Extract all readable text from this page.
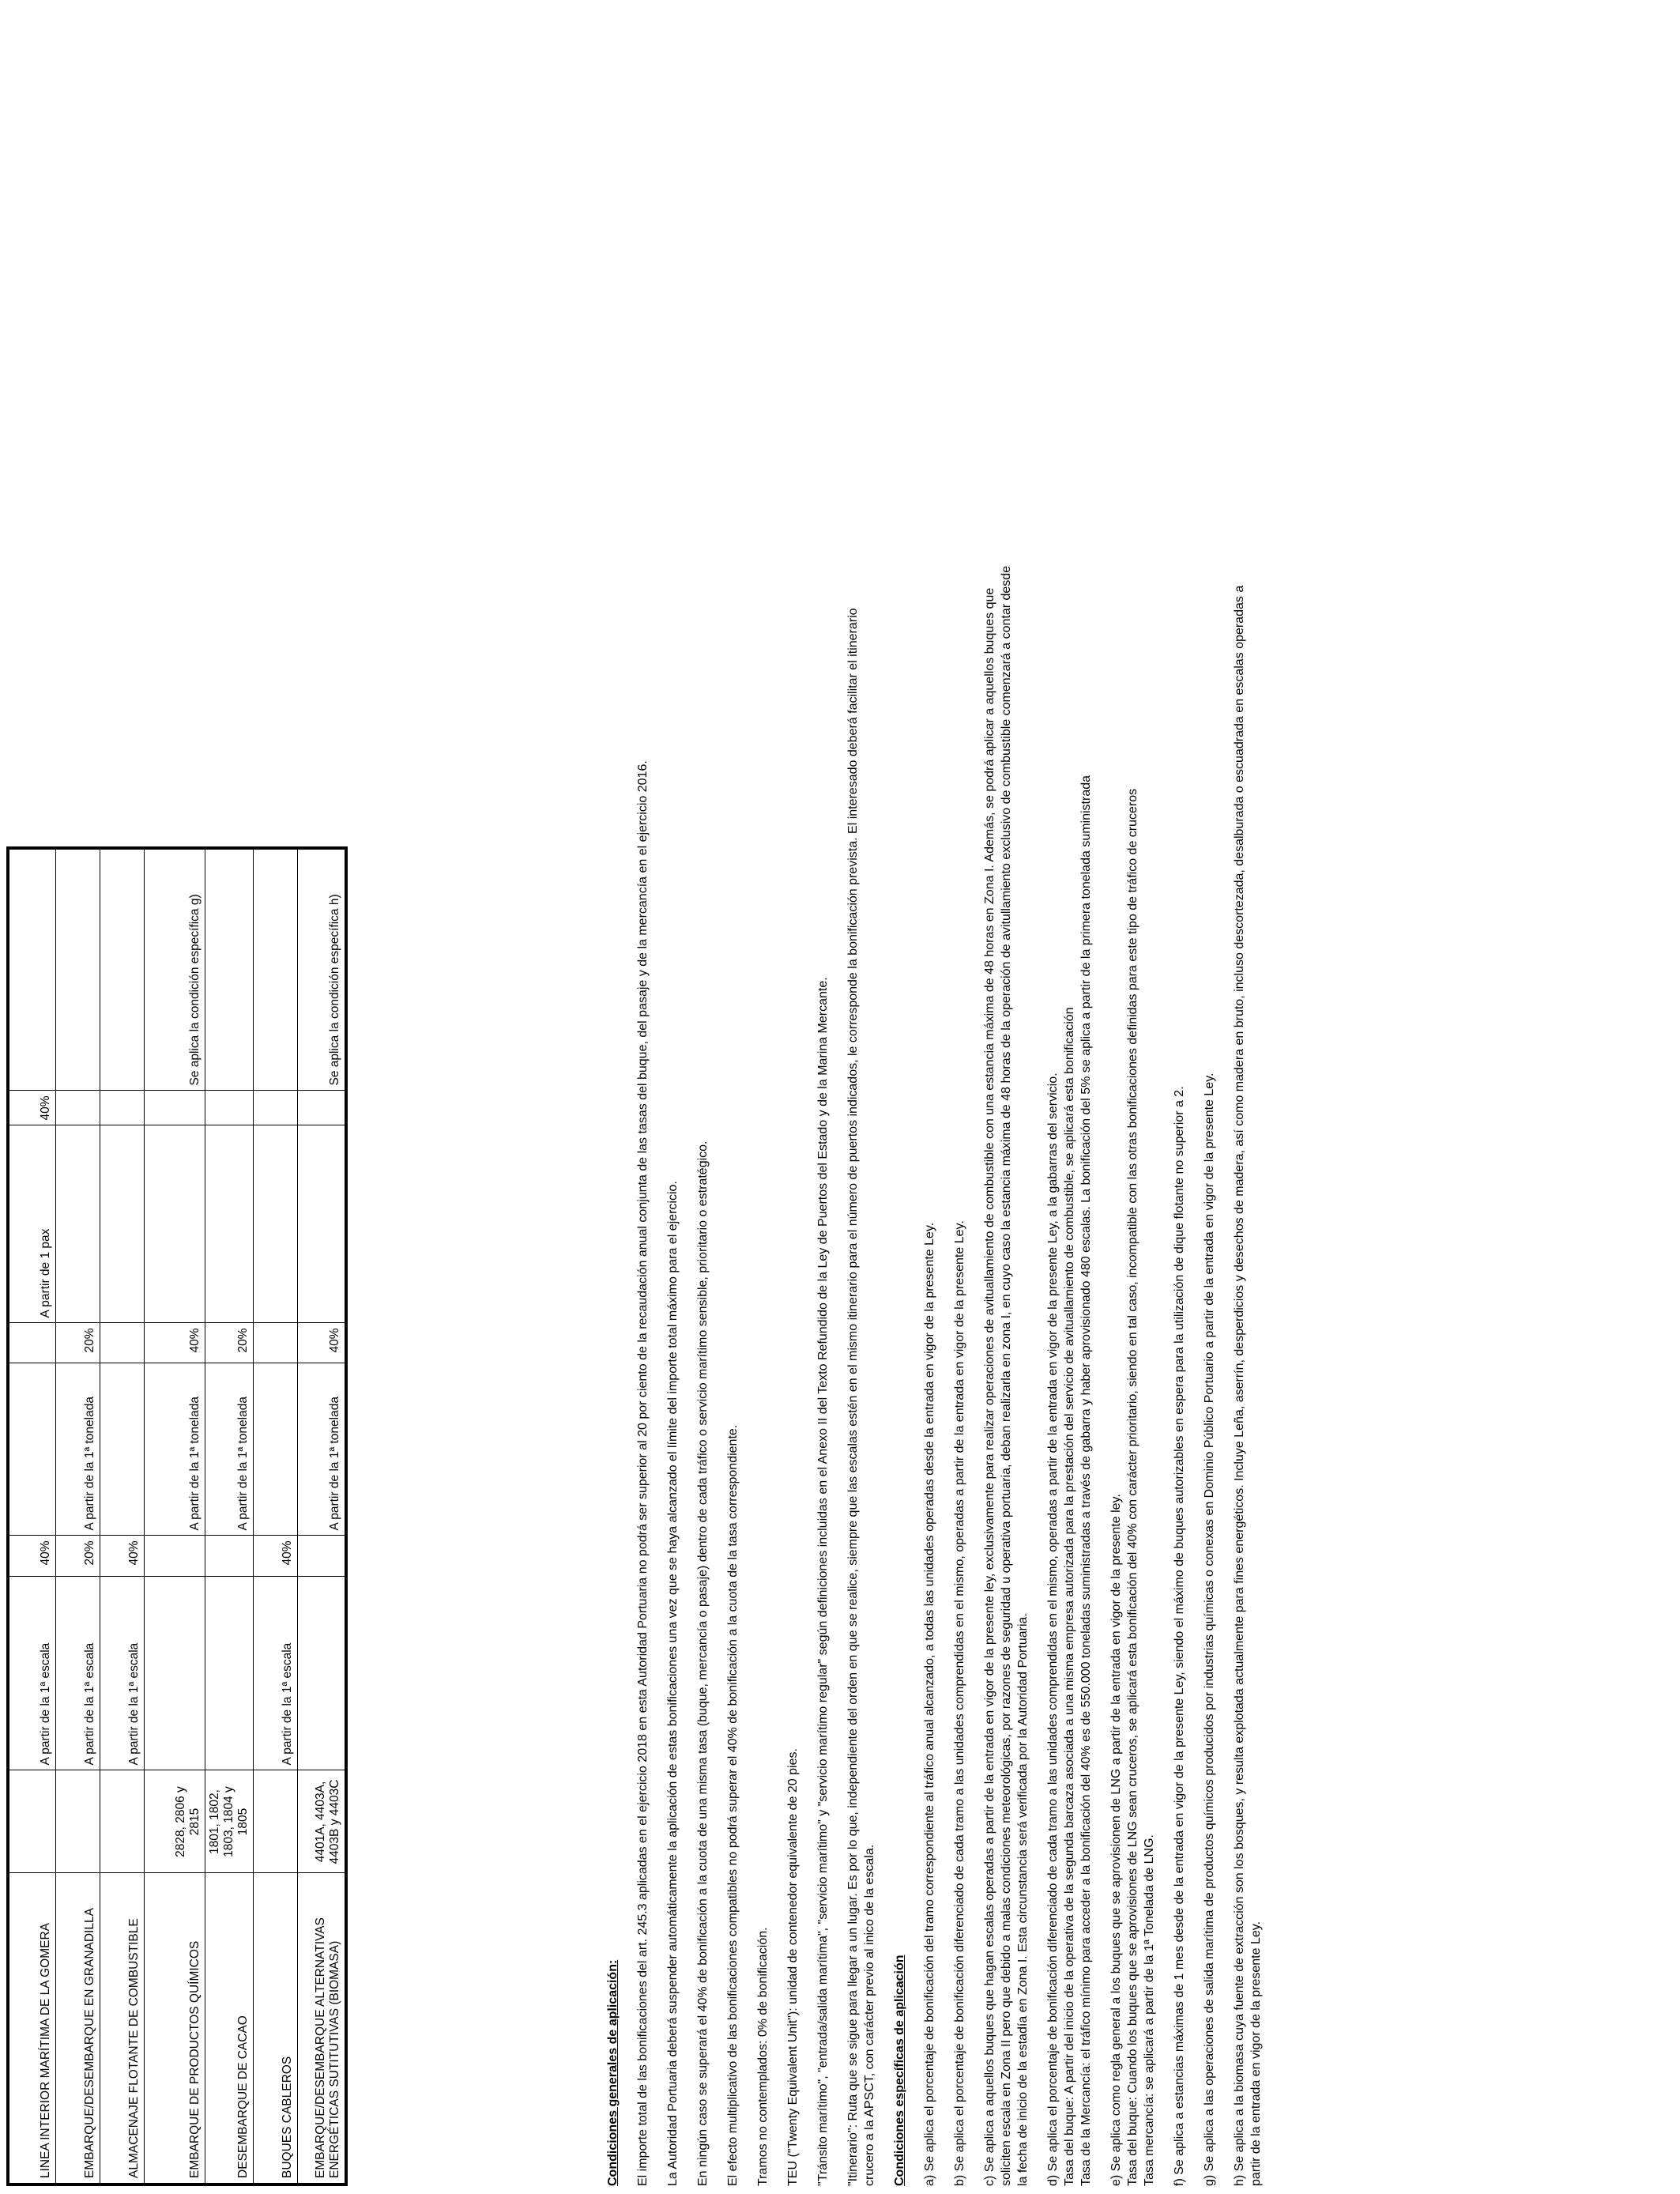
LINEA INTERIOR MARÍTIMA DE LA GOMERA		A partir de la 1ª escala	40%			A partir de 1 pax	40%	
EMBARQUE/DESEMBARQUE EN GRANADILLA		A partir de la 1ª escala	20%	A partir de la 1ª tonelada	20%			
ALMACENAJE FLOTANTE DE COMBUSTIBLE		A partir de la 1ª escala	40%					
EMBARQUE DE PRODUCTOS QUÍMICOS	2828, 2806 y 2815			A partir de la 1ª tonelada	40%			Se aplica la condición específica g)
DESEMBARQUE DE CACAO	1801, 1802, 1803, 1804 y 1805			A partir de la 1ª tonelada	20%			
BUQUES CABLEROS		A partir de la 1ª escala	40%					
EMBARQUE/DESEMBARQUE ALTERNATIVAS ENERGÉTICAS SUTITUTIVAS (BIOMASA)	4401A, 4403A, 4403B y 4403C			A partir de la 1ª tonelada	40%			Se aplica la condición específica h)
Condiciones generales de aplicación: El importe total de las bonificaciones del art. 245.3 aplicadas en el ejercicio 2018 en esta Autoridad Portuaria no podrá ser superior al 20 por ciento de la recaudación anual conjunta de las tasas del buque, del pasaje y de la mercancía en el ejercicio 2016. La Autoridad Portuaria deberá suspender automáticamente la aplicación de estas bonificaciones una vez que se haya alcanzado el límite del importe total máximo para el ejercicio. En ningún caso se superará el 40% de bonificación a la cuota de una misma tasa (buque, mercancía o pasaje) dentro de cada tráfico o servicio marítimo sensible, prioritario o estratégico. El efecto multiplicativo de las bonificaciones compatibles no podrá superar el 40% de bonificación a la cuota de la tasa correspondiente. Tramos no contemplados: 0% de bonificación. TEU ("Twenty Equivalent Unit"): unidad de contenedor equivalente de 20 pies. "Tránsito marítimo", "entrada/salida marítima", "servicio marítimo" y "servicio marítimo regular" según definiciones incluidas en el Anexo II del Texto Refundido de la Ley de Puertos del Estado y de la Marina Mercante. "Itinerario": Ruta que se sigue para llegar a un lugar. Es por lo que, independiente del orden en que se realice, siempre que las escalas estén en el mismo itinerario para el número de puertos indicados, le corresponde la bonificación prevista. El interesado deberá facilitar el itinerario crucero a la APSCT, con carácter previo al inico de la escala. Condiciones específicas de aplicación a) Se aplica el porcentaje de bonificación del tramo correspondiente al tráfico anual alcanzado, a todas las unidades operadas desde la entrada en vigor de la presente Ley. b) Se aplica el porcentaje de bonificación diferenciado de cada tramo a las unidades comprendidas en el mismo, operadas a partir de la entrada en vigor de la presente Ley. c) Se aplica a aquellos buques que hagan escalas operadas a partir de la entrada en vigor de la presente ley, exclusivamente para realizar operaciones de avituallamiento de combustible con una estancia máxima de 48 horas en Zona I. Además, se podrá aplicar a aquellos buques que soliciten escala en Zona II pero que debido a malas condiciones meteorológicas, por razones de seguridad u operativa portuaria, deban realizarla en zona I, en cuyo caso la estancia máxima de 48 horas de la operación de avitullamiento exclusivo de combustible comenzará a contar desde la fecha de inicio de la estadía en Zona I. Esta circunstancia será verificada por la Autoridad Portuaria. d) Se aplica el porcentaje de bonificación diferenciado de cada tramo a las unidades comprendidas en el mismo, operadas a partir de la entrada en vigor de la presente Ley, a la gabarras del servicio. Tasa del buque: A partir del inicio de la operativa de la segunda barcaza asociada a una misma empresa autorizada para la prestación del servicio de avituallamiento de combustible, se aplicará esta bonificación Tasa de la Mercancía: el tráfico mínimo para acceder a la bonificación del 40% es de 550.000 toneladas suministradas a través de gabarra y haber aprovisionado 480 escalas. La bonificación del 5% se aplica a partir de la primera tonelada suministrada e) Se aplica como regla general a los buques que se aprovisionen de LNG a partir de la entrada en vigor de la presente ley. Tasa del buque: Cuando los buques que se aprovisiones de LNG sean cruceros, se aplicará esta bonificación del 40% con carácter prioritario, siendo en tal caso, incompatible con las otras bonificaciones definidas para este tipo de tráfico de cruceros Tasa mercancía: se aplicará a partir de la 1ª Tonelada de LNG. f) Se aplica a estancias máximas de 1 mes desde de la entrada en vigor de la presente Ley, siendo el máximo de buques autorizables en espera para la utilización de dique flotante no superior a 2. g) Se aplica a las operaciones de salida marítima de productos químicos producidos por industrias químicas o conexas en Dominio Público Portuario a partir de la entrada en vigor de la presente Ley. h) Se aplica a la biomasa cuya fuente de extracción son los bosques, y resulta explotada actualmente para fines energéticos. Incluye Leña, aserrín, desperdicios y desechos de madera, así como madera en bruto, incluso descortezada, desalburada o escuadrada en escalas operadas a partir de la entrada en vigor de la presente Ley.
